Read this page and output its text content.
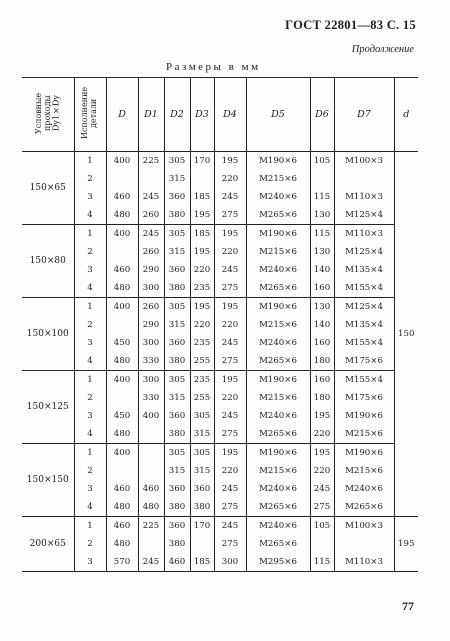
ГОСТ 22801—83 С. 15
Продолжение
Размеры в мм
Условные проходы Dy1×Dy	Исполнение детали	D	D1	D2	D3	D4	D5	D6	D7	d
150×65	1	400	225	305	170	195	M190×6	105	M100×3	150
	2			315		220	M215×6			
	3	460	245	360	185	245	M240×6	115	M110×3	
	4	480	260	380	195	275	M265×6	130	M125×4	
150×80	1	400	245	305	185	195	M190×6	115	M110×3	
	2		260	315	195	220	M215×6	130	M125×4	
	3	460	290	360	220	245	M240×6	140	M135×4	
	4	480	300	380	235	275	M265×6	160	M155×4	
150×100	1	400	260	305	195	195	M190×6	130	M125×4	
	2		290	315	220	220	M215×6	140	M135×4	
	3	450	300	360	235	245	M240×6	160	M155×4	
	4	480	330	380	255	275	M265×6	180	M175×6	
150×125	1	400	300	305	235	195	M190×6	160	M155×4	
	2		330	315	255	220	M215×6	180	M175×6	
	3	450	400	360	305	245	M240×6	195	M190×6	
	4	480		380	315	275	M265×6	220	M215×6	
150×150	1	400		305	305	195	M190×6	195	M190×6	
	2			315	315	220	M215×6	220	M215×6	
	3	460	460	360	360	245	M240×6	245	M240×6	
	4	480	480	380	380	275	M265×6	275	M265×6	
200×65	1	460	225	360	170	245	M240×6	105	M100×3	195
	2	480		380		275	M265×6			
	3	570	245	460	185	300	M295×6	115	M110×3	
77
